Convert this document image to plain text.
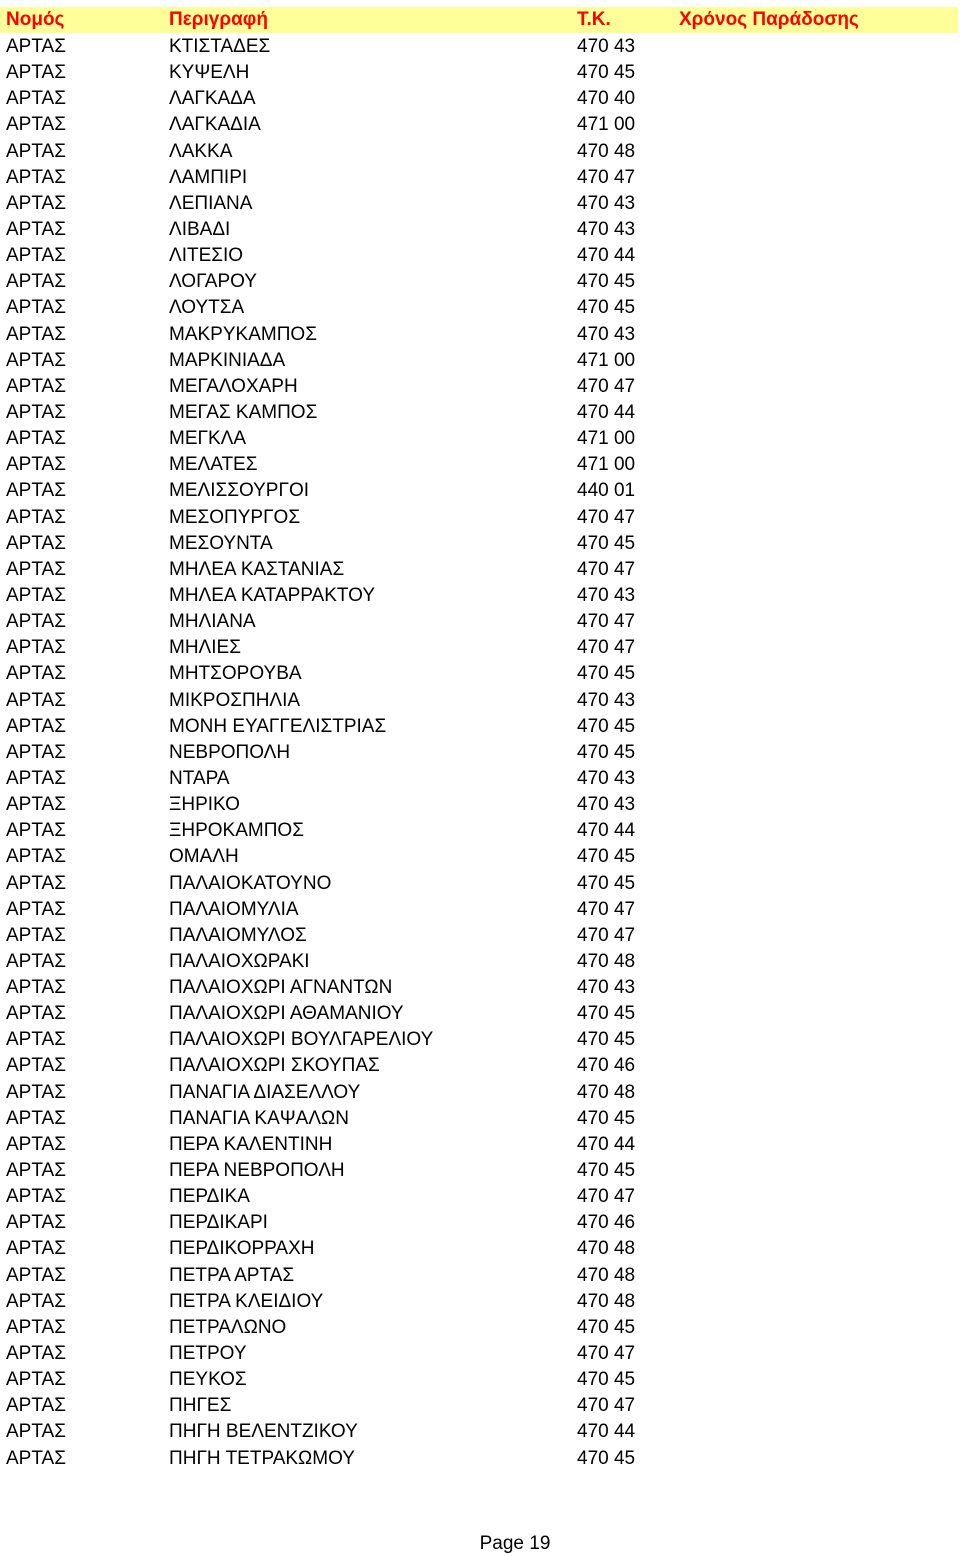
Νομός	Περιγραφή	Τ.Κ.	Χρόνος Παράδοσης
ΑΡΤΑΣ	ΚΤΙΣΤΑΔΕΣ	470 43
ΑΡΤΑΣ	ΚΥΨΕΛΗ	470 45
ΑΡΤΑΣ	ΛΑΓΚΑΔΑ	470 40
ΑΡΤΑΣ	ΛΑΓΚΑΔΙΑ	471 00
ΑΡΤΑΣ	ΛΑΚΚΑ	470 48
ΑΡΤΑΣ	ΛΑΜΠΙΡΙ	470 47
ΑΡΤΑΣ	ΛΕΠΙΑΝΑ	470 43
ΑΡΤΑΣ	ΛΙΒΑΔΙ	470 43
ΑΡΤΑΣ	ΛΙΤΕΣΙΟ	470 44
ΑΡΤΑΣ	ΛΟΓΑΡΟΥ	470 45
ΑΡΤΑΣ	ΛΟΥΤΣΑ	470 45
ΑΡΤΑΣ	ΜΑΚΡΥΚΑΜΠΟΣ	470 43
ΑΡΤΑΣ	ΜΑΡΚΙΝΙΑΔΑ	471 00
ΑΡΤΑΣ	ΜΕΓΑΛΟΧΑΡΗ	470 47
ΑΡΤΑΣ	ΜΕΓΑΣ ΚΑΜΠΟΣ	470 44
ΑΡΤΑΣ	ΜΕΓΚΛΑ	471 00
ΑΡΤΑΣ	ΜΕΛΑΤΕΣ	471 00
ΑΡΤΑΣ	ΜΕΛΙΣΣΟΥΡΓΟΙ	440 01
ΑΡΤΑΣ	ΜΕΣΟΠΥΡΓΟΣ	470 47
ΑΡΤΑΣ	ΜΕΣΟΥΝΤΑ	470 45
ΑΡΤΑΣ	ΜΗΛΕΑ ΚΑΣΤΑΝΙΑΣ	470 47
ΑΡΤΑΣ	ΜΗΛΕΑ ΚΑΤΑΡΡΑΚΤΟΥ	470 43
ΑΡΤΑΣ	ΜΗΛΙΑΝΑ	470 47
ΑΡΤΑΣ	ΜΗΛΙΕΣ	470 47
ΑΡΤΑΣ	ΜΗΤΣΟΡΟΥΒΑ	470 45
ΑΡΤΑΣ	ΜΙΚΡΟΣΠΗΛΙΑ	470 43
ΑΡΤΑΣ	ΜΟΝΗ ΕΥΑΓΓΕΛΙΣΤΡΙΑΣ	470 45
ΑΡΤΑΣ	ΝΕΒΡΟΠΟΛΗ	470 45
ΑΡΤΑΣ	ΝΤΑΡΑ	470 43
ΑΡΤΑΣ	ΞΗΡΙΚΟ	470 43
ΑΡΤΑΣ	ΞΗΡΟΚΑΜΠΟΣ	470 44
ΑΡΤΑΣ	ΟΜΑΛΗ	470 45
ΑΡΤΑΣ	ΠΑΛΑΙΟΚΑΤΟΥΝΟ	470 45
ΑΡΤΑΣ	ΠΑΛΑΙΟΜΥΛΙΑ	470 47
ΑΡΤΑΣ	ΠΑΛΑΙΟΜΥΛΟΣ	470 47
ΑΡΤΑΣ	ΠΑΛΑΙΟΧΩΡΑΚΙ	470 48
ΑΡΤΑΣ	ΠΑΛΑΙΟΧΩΡΙ ΑΓΝΑΝΤΩΝ	470 43
ΑΡΤΑΣ	ΠΑΛΑΙΟΧΩΡΙ ΑΘΑΜΑΝΙΟΥ	470 45
ΑΡΤΑΣ	ΠΑΛΑΙΟΧΩΡΙ ΒΟΥΛΓΑΡΕΛΙΟΥ	470 45
ΑΡΤΑΣ	ΠΑΛΑΙΟΧΩΡΙ ΣΚΟΥΠΑΣ	470 46
ΑΡΤΑΣ	ΠΑΝΑΓΙΑ ΔΙΑΣΕΛΛΟΥ	470 48
ΑΡΤΑΣ	ΠΑΝΑΓΙΑ ΚΑΨΑΛΩΝ	470 45
ΑΡΤΑΣ	ΠΕΡΑ ΚΑΛΕΝΤΙΝΗ	470 44
ΑΡΤΑΣ	ΠΕΡΑ ΝΕΒΡΟΠΟΛΗ	470 45
ΑΡΤΑΣ	ΠΕΡΔΙΚΑ	470 47
ΑΡΤΑΣ	ΠΕΡΔΙΚΑΡΙ	470 46
ΑΡΤΑΣ	ΠΕΡΔΙΚΟΡΡΑΧΗ	470 48
ΑΡΤΑΣ	ΠΕΤΡΑ ΑΡΤΑΣ	470 48
ΑΡΤΑΣ	ΠΕΤΡΑ ΚΛΕΙΔΙΟΥ	470 48
ΑΡΤΑΣ	ΠΕΤΡΑΛΩΝΟ	470 45
ΑΡΤΑΣ	ΠΕΤΡΟΥ	470 47
ΑΡΤΑΣ	ΠΕΥΚΟΣ	470 45
ΑΡΤΑΣ	ΠΗΓΕΣ	470 47
ΑΡΤΑΣ	ΠΗΓΗ ΒΕΛΕΝΤΖΙΚΟΥ	470 44
ΑΡΤΑΣ	ΠΗΓΗ ΤΕΤΡΑΚΩΜΟΥ	470 45
Page 19
